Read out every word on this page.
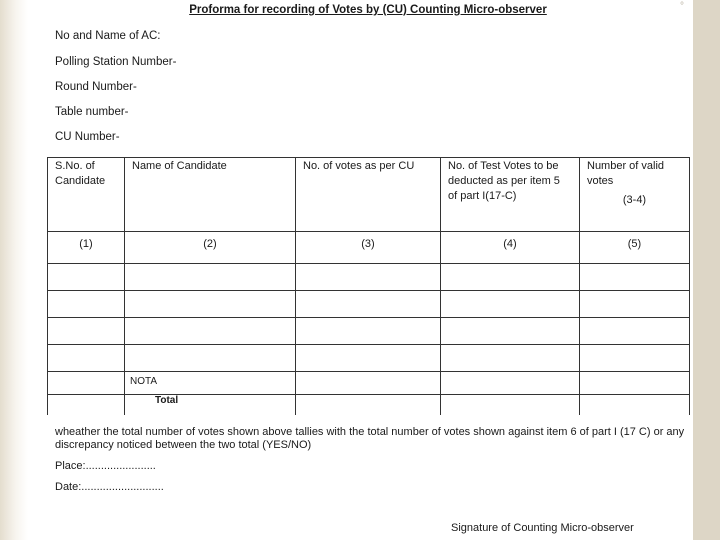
°
Proforma for recording of Votes by (CU) Counting Micro-observer
No and Name of AC:
Polling Station Number-
Round Number-
Table number-
CU Number-
S.No. of Candidate	Name of Candidate	No. of votes as per CU	No. of Test Votes to be deducted as per item 5 of part I(17-C)	Number of valid votes
(3-4)

(1)	(2)	(3)	(4)	(5)

	NOTA			
	Total			
wheather the total number of votes shown above tallies with the total number of votes shown against item 6 of part I (17 C) or any discrepancy noticed between the two total (YES/NO)
Place:.......................
Date:...........................
Signature of Counting Micro-observer
